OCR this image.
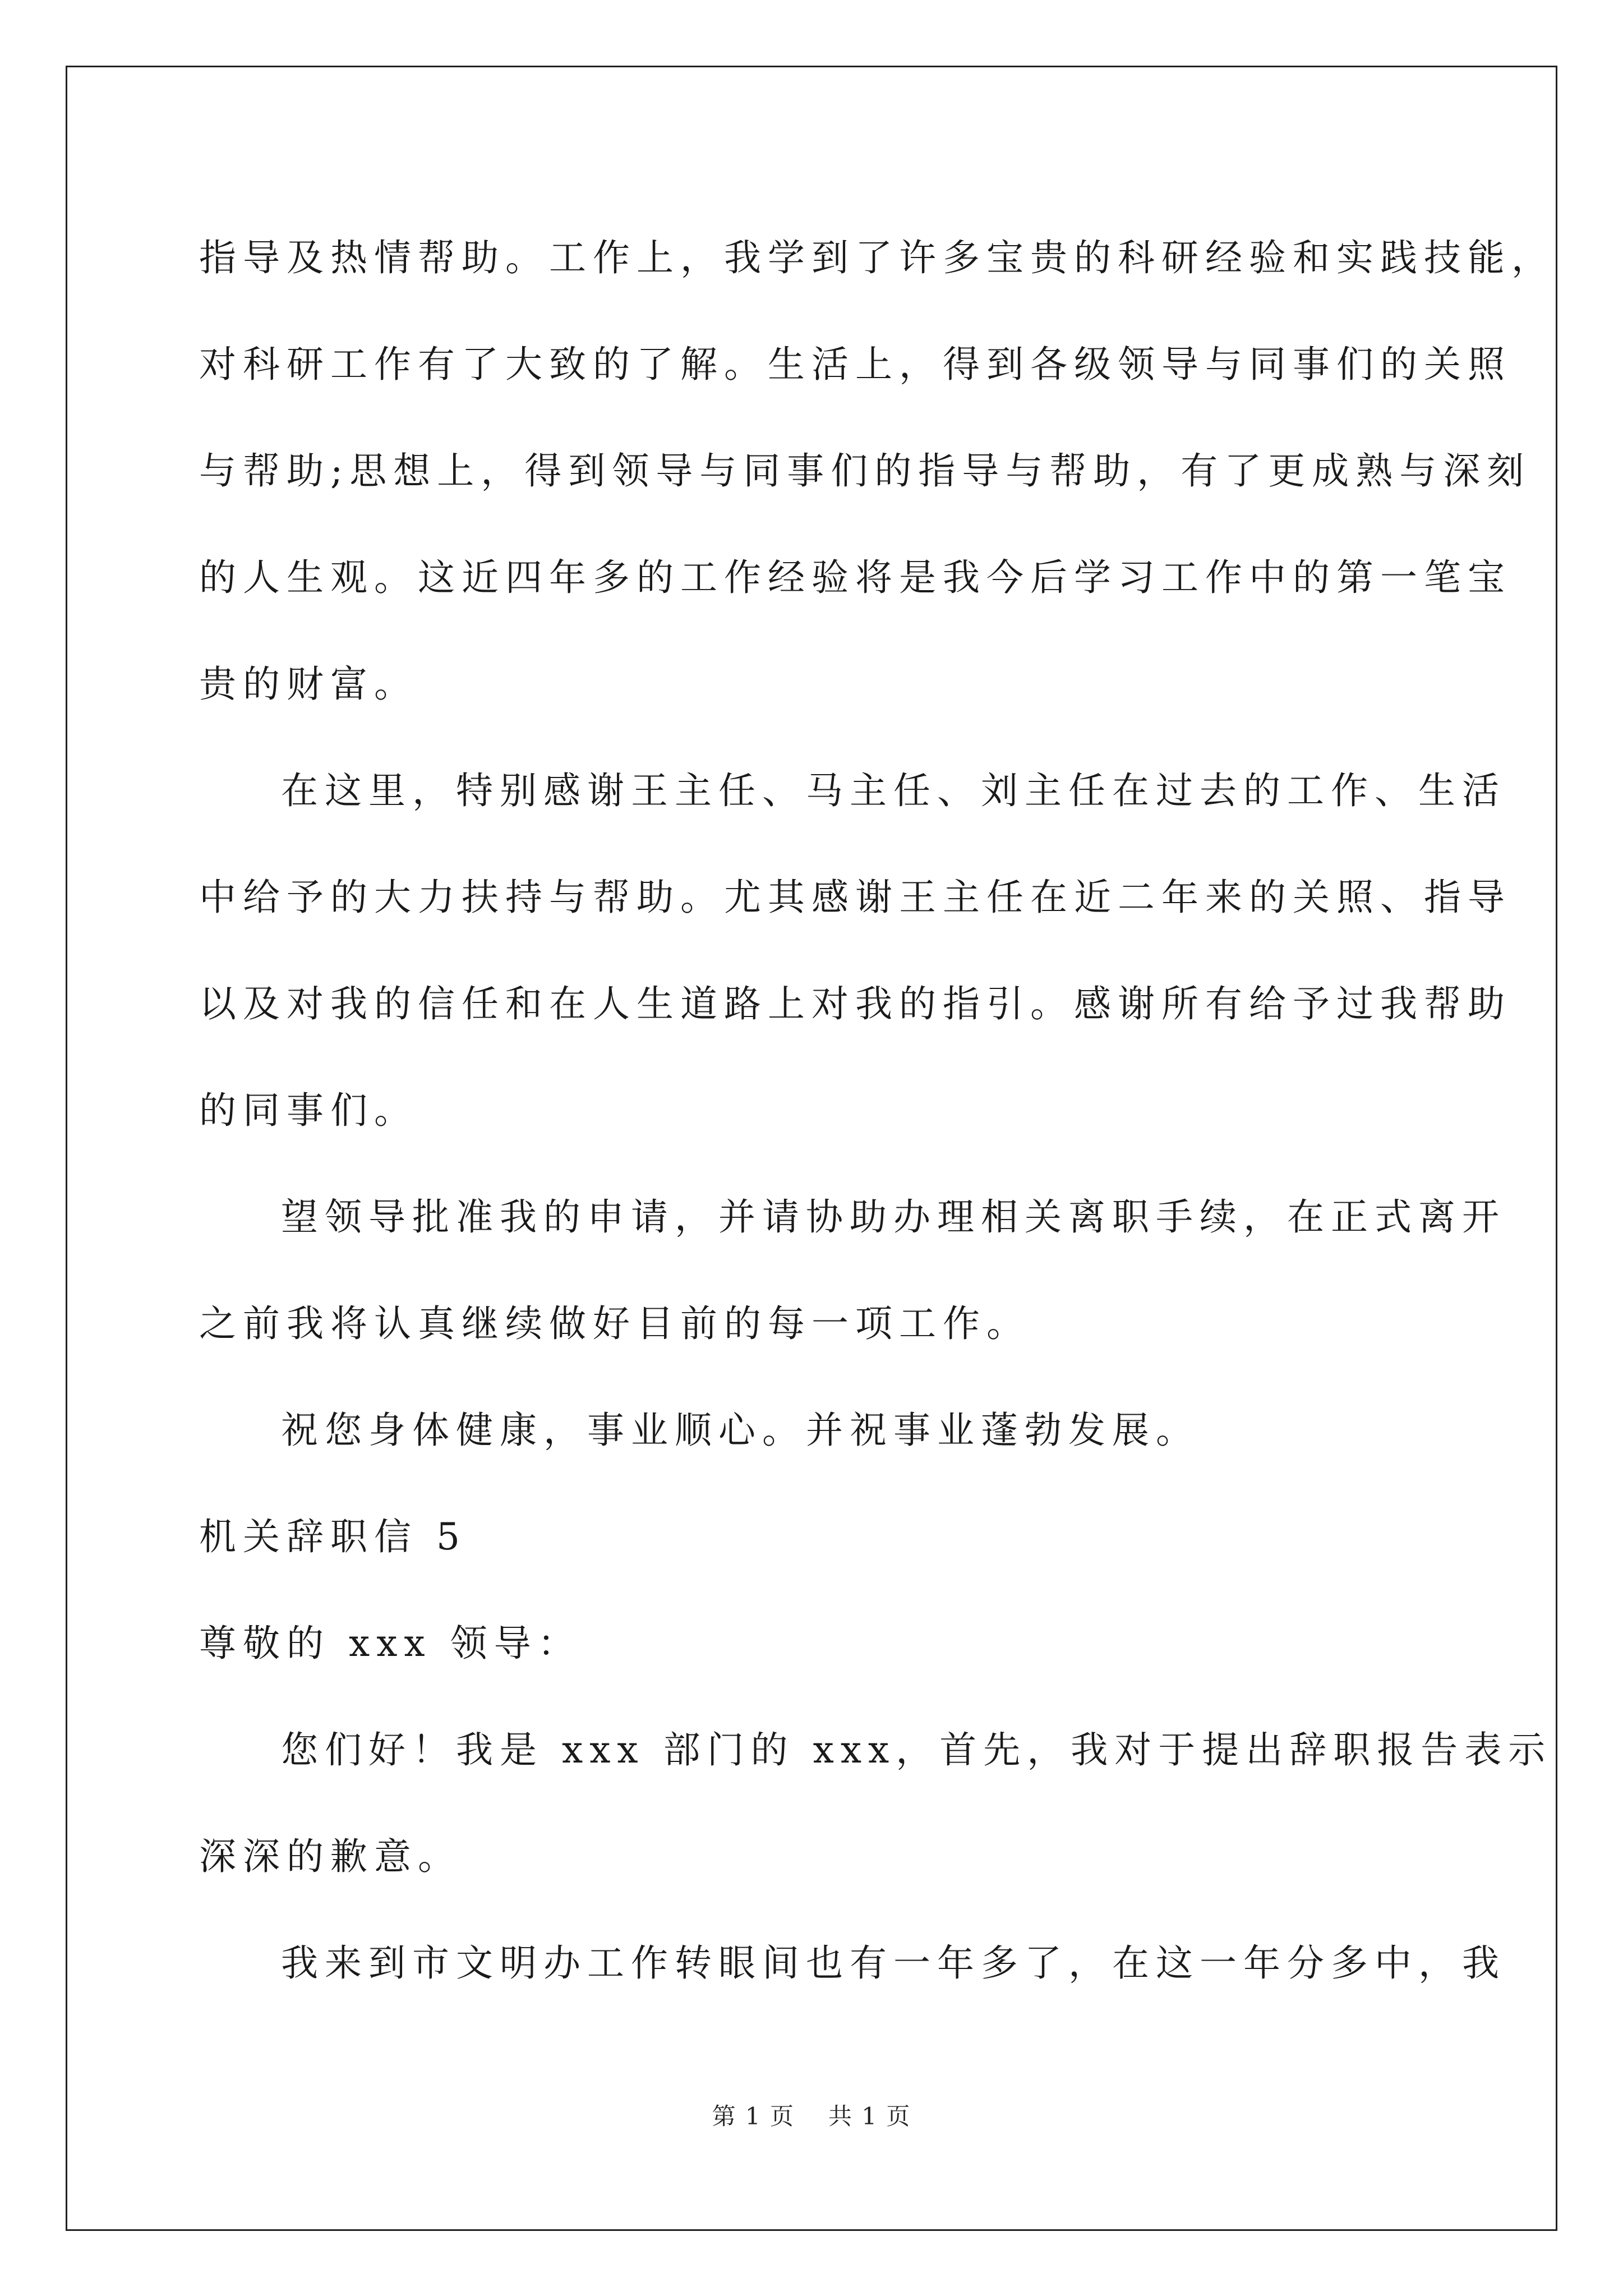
指导及热情帮助。工作上，我学到了许多宝贵的科研经验和实践技能，
对科研工作有了大致的了解。生活上，得到各级领导与同事们的关照
与帮助;思想上，得到领导与同事们的指导与帮助，有了更成熟与深刻
的人生观。这近四年多的工作经验将是我今后学习工作中的第一笔宝
贵的财富。
在这里，特别感谢王主任、马主任、刘主任在过去的工作、生活
中给予的大力扶持与帮助。尤其感谢王主任在近二年来的关照、指导
以及对我的信任和在人生道路上对我的指引。感谢所有给予过我帮助
的同事们。
望领导批准我的申请，并请协助办理相关离职手续，在正式离开
之前我将认真继续做好目前的每一项工作。
祝您身体健康，事业顺心。并祝事业蓬勃发展。
机关辞职信 5
尊敬的 xxx 领导：
您们好！我是 xxx 部门的 xxx，首先，我对于提出辞职报告表示
深深的歉意。
我来到市文明办工作转眼间也有一年多了，在这一年分多中，我
第 1 页 共 1 页
